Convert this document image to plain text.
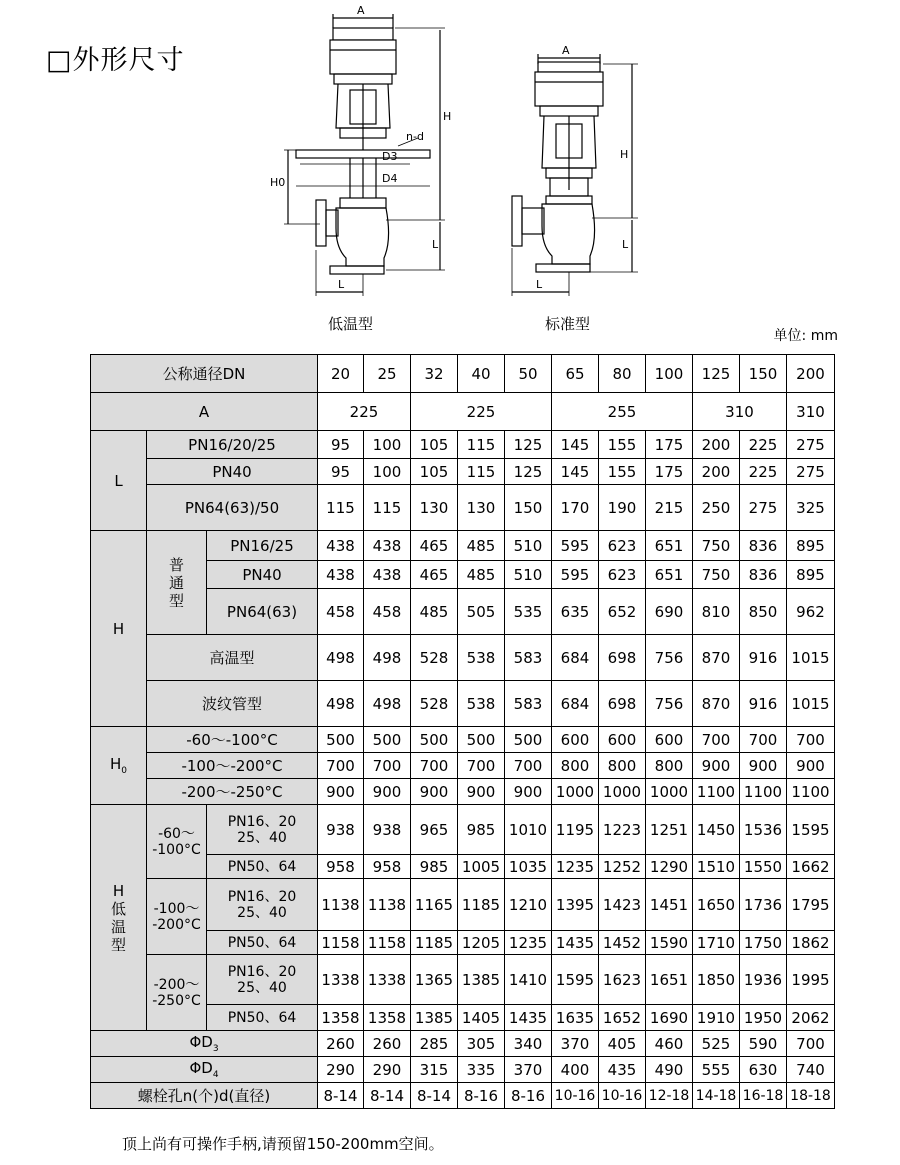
□外形尺寸
A
H
n-d
D3
D4
H0
L
L
A
H
L
L
低温型	标准型
单位: mm
公称通径DN			20	25	32	40	50	65	80	100	125	150	200
A			225		225			255			310		310
L	PN16/20/25		95	100	105	115	125	145	155	175	200	225	275
	PN40		95	100	105	115	125	145	155	175	200	225	275
	PN64(63)/50		115	115	130	130	150	170	190	215	250	275	325
H	普
通
型	PN16/25	438	438	465	485	510	595	623	651	750	836	895
		PN40	438	438	465	485	510	595	623	651	750	836	895
		PN64(63)	458	458	485	505	535	635	652	690	810	850	962
	高温型		498	498	528	538	583	684	698	756	870	916	1015
	波纹管型		498	498	528	538	583	684	698	756	870	916	1015
$H_0$	-60～-100°C		500	500	500	500	500	600	600	600	700	700	700
	-100～-200°C		700	700	700	700	700	800	800	800	900	900	900
	-200～-250°C		900	900	900	900	900	1000	1000	1000	1100	1100	1100
H
低
温
型	-60～
-100°C	PN16、20
25、40	938	938	965	985	1010	1195	1223	1251	1450	1536	1595
		PN50、64	958	958	985	1005	1035	1235	1252	1290	1510	1550	1662
	-100～
-200°C	PN16、20
25、40	1138	1138	1165	1185	1210	1395	1423	1451	1650	1736	1795
		PN50、64	1158	1158	1185	1205	1235	1435	1452	1590	1710	1750	1862
	-200～
-250°C	PN16、20
25、40	1338	1338	1365	1385	1410	1595	1623	1651	1850	1936	1995
		PN50、64	1358	1358	1385	1405	1435	1635	1652	1690	1910	1950	2062
$\Phi D_3$			260	260	285	305	340	370	405	460	525	590	700
$\Phi D_4$			290	290	315	335	370	400	435	490	555	630	740
螺栓孔n(个)d(直径)			8-14	8-14	8-14	8-16	8-16	10-16	10-16	12-18	14-18	16-18	18-18
顶上尚有可操作手柄,请预留150-200mm空间。
